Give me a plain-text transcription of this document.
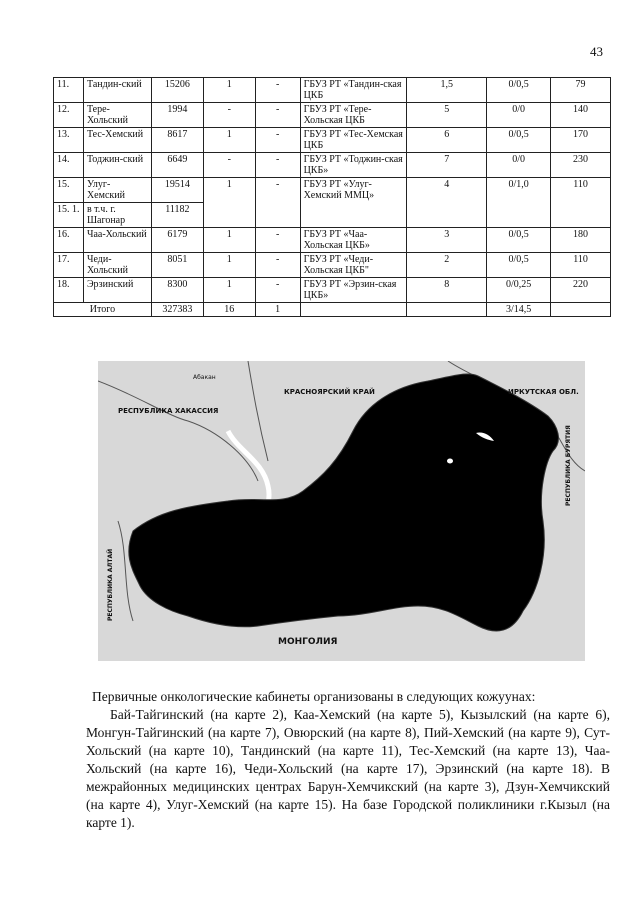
43
11.	Тандин-ский	15206	1	-	ГБУЗ РТ «Тандин-ская ЦКБ	1,5	0/0,5	79
12.	Тере-Хольский	1994	-	-	ГБУЗ РТ «Тере-Хольская ЦКБ	5	0/0	140
13.	Тес-Хемский	8617	1	-	ГБУЗ РТ «Тес-Хемская ЦКБ	6	0/0,5	170
14.	Тоджин-ский	6649	-	-	ГБУЗ РТ «Тоджин-ская ЦКБ»	7	0/0	230
15.	Улуг-Хемский	19514	1	-	ГБУЗ РТ «Улуг-Хемский ММЦ»	4	0/1,0	110
15. 1.	в т.ч. г. Шагонар	11182						
16.	Чаа-Хольский	6179	1	-	ГБУЗ РТ «Чаа-Хольская ЦКБ»	3	0/0,5	180
17.	Чеди-Хольский	8051	1	-	ГБУЗ РТ «Чеди-Хольская ЦКБ"	2	0/0,5	110
18.	Эрзинский	8300	1	-	ГБУЗ РТ «Эрзин-ская ЦКБ»	8	0/0,25	220
Итого		327383	16	1			3/14,5	
Абакан
РЕСПУБЛИКА ХАКАССИЯ
КРАСНОЯРСКИЙ КРАЙ	ИРКУТСКАЯ ОБЛ.
РЕСПУБЛИКА БУРЯТИЯ
РЕСПУБЛИКА АЛТАЙ
МОНГОЛИЯ

Первичные онкологические кабинеты организованы в следующих кожуунах:

Бай-Тайгинский (на карте 2), Каа-Хемский (на карте 5), Кызылский (на карте 6), Монгун-Тайгинский (на карте 7), Овюрский (на карте 8), Пий-Хемский (на карте 9), Сут-Хольский (на карте 10), Тандинский (на карте 11), Тес-Хемский (на карте 13), Чаа-Хольский (на карте 16), Чеди-Хольский (на карте 17), Эрзинский (на карте 18). В межрайонных медицинских центрах Барун-Хемчикский (на карте 3), Дзун-Хемчикский (на карте 4), Улуг-Хемский (на карте 15). На базе Городской поликлиники г.Кызыл (на карте 1).
